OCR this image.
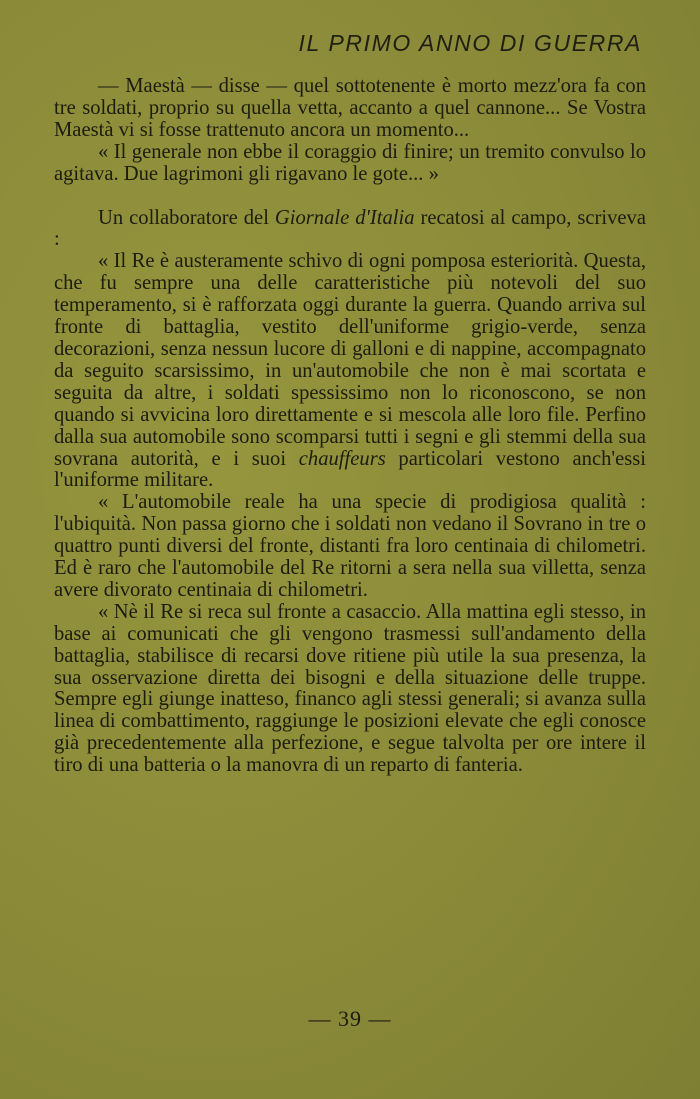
IL PRIMO ANNO DI GUERRA

— Maestà — disse — quel sottotenente è morto mezz'ora fa con tre soldati, proprio su quella vetta, accanto a quel cannone... Se Vostra Maestà vi si fosse trattenuto ancora un momento...

« Il generale non ebbe il coraggio di finire; un tremito convulso lo agitava. Due lagrimoni gli rigavano le gote... »

Un collaboratore del Giornale d'Italia recatosi al campo, scriveva :

« Il Re è austeramente schivo di ogni pomposa esteriorità. Questa, che fu sempre una delle caratteristiche più notevoli del suo temperamento, si è rafforzata oggi durante la guerra. Quando arriva sul fronte di battaglia, vestito dell'uniforme grigio-verde, senza decorazioni, senza nessun lucore di galloni e di nappine, accompagnato da seguito scarsissimo, in un'automobile che non è mai scortata e seguita da altre, i soldati spessissimo non lo riconoscono, se non quando si avvicina loro direttamente e si mescola alle loro file. Perfino dalla sua automobile sono scomparsi tutti i segni e gli stemmi della sua sovrana autorità, e i suoi chauffeurs particolari vestono anch'essi l'uniforme militare.

« L'automobile reale ha una specie di prodigiosa qualità : l'ubiquità. Non passa giorno che i soldati non vedano il Sovrano in tre o quattro punti diversi del fronte, distanti fra loro centinaia di chilometri. Ed è raro che l'automobile del Re ritorni a sera nella sua villetta, senza avere divorato centinaia di chilometri.

« Nè il Re si reca sul fronte a casaccio. Alla mattina egli stesso, in base ai comunicati che gli vengono trasmessi sull'andamento della battaglia, stabilisce di recarsi dove ritiene più utile la sua presenza, la sua osservazione diretta dei bisogni e della situazione delle truppe. Sempre egli giunge inatteso, financo agli stessi generali; si avanza sulla linea di combattimento, raggiunge le posizioni elevate che egli conosce già precedentemente alla perfezione, e segue talvolta per ore intere il tiro di una batteria o la manovra di un reparto di fanteria.

— 39 —
